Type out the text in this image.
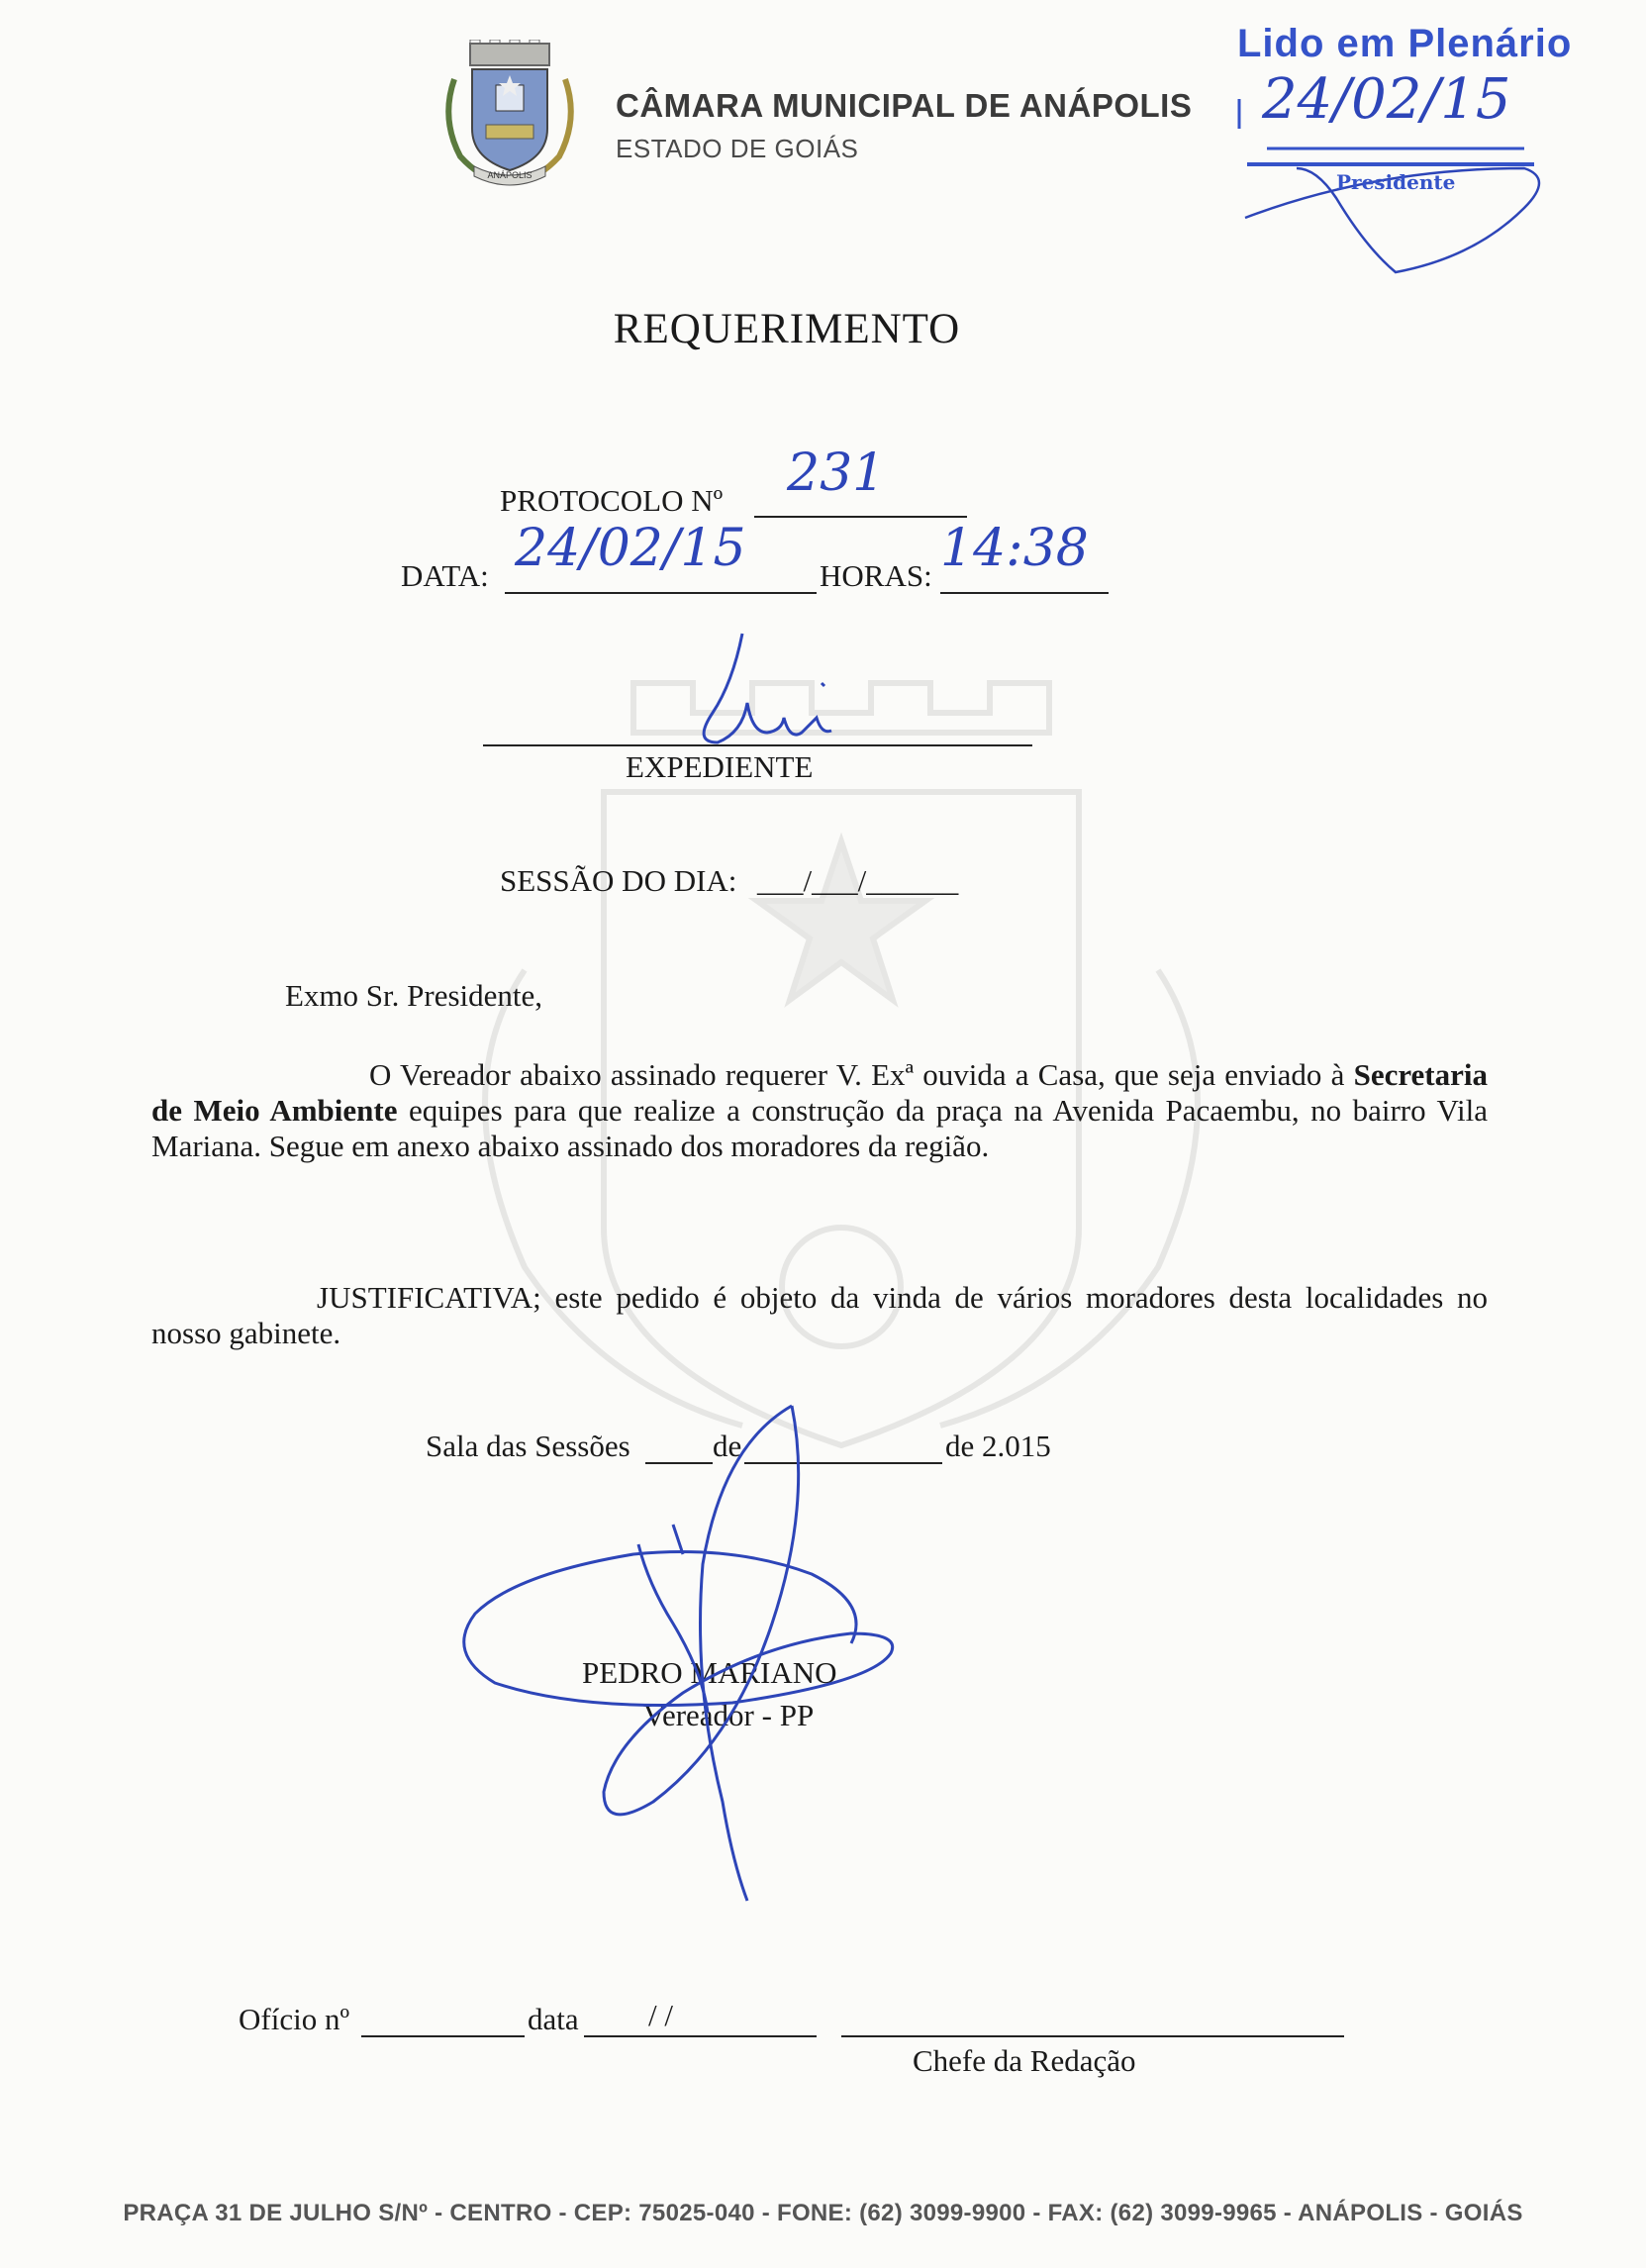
ANÁPOLIS
CÂMARA MUNICIPAL DE ANÁPOLIS
ESTADO DE GOIÁS
Lido em Plenário
24/02/15
Presidente
REQUERIMENTO
PROTOCOLO Nº 231
DATA: 24/02/15 HORAS: 14:38
EXPEDIENTE
SESSÃO DO DIA: ___/___/______
Exmo Sr. Presidente,
O Vereador abaixo assinado requerer V. Exª ouvida a Casa, que seja enviado à Secretaria de Meio Ambiente equipes para que realize a construção da praça na Avenida Pacaembu, no bairro Vila Mariana. Segue em anexo abaixo assinado dos moradores da região.
JUSTIFICATIVA; este pedido é objeto da vinda de vários moradores desta localidades no nosso gabinete.
Sala das Sessões	de	de 2.015
PEDRO MARIANO
Vereador - PP
Ofício nº	data / /
Chefe da Redação
PRAÇA 31 DE JULHO S/Nº - CENTRO - CEP: 75025-040 - FONE: (62) 3099-9900 - FAX: (62) 3099-9965 - ANÁPOLIS - GOIÁS
